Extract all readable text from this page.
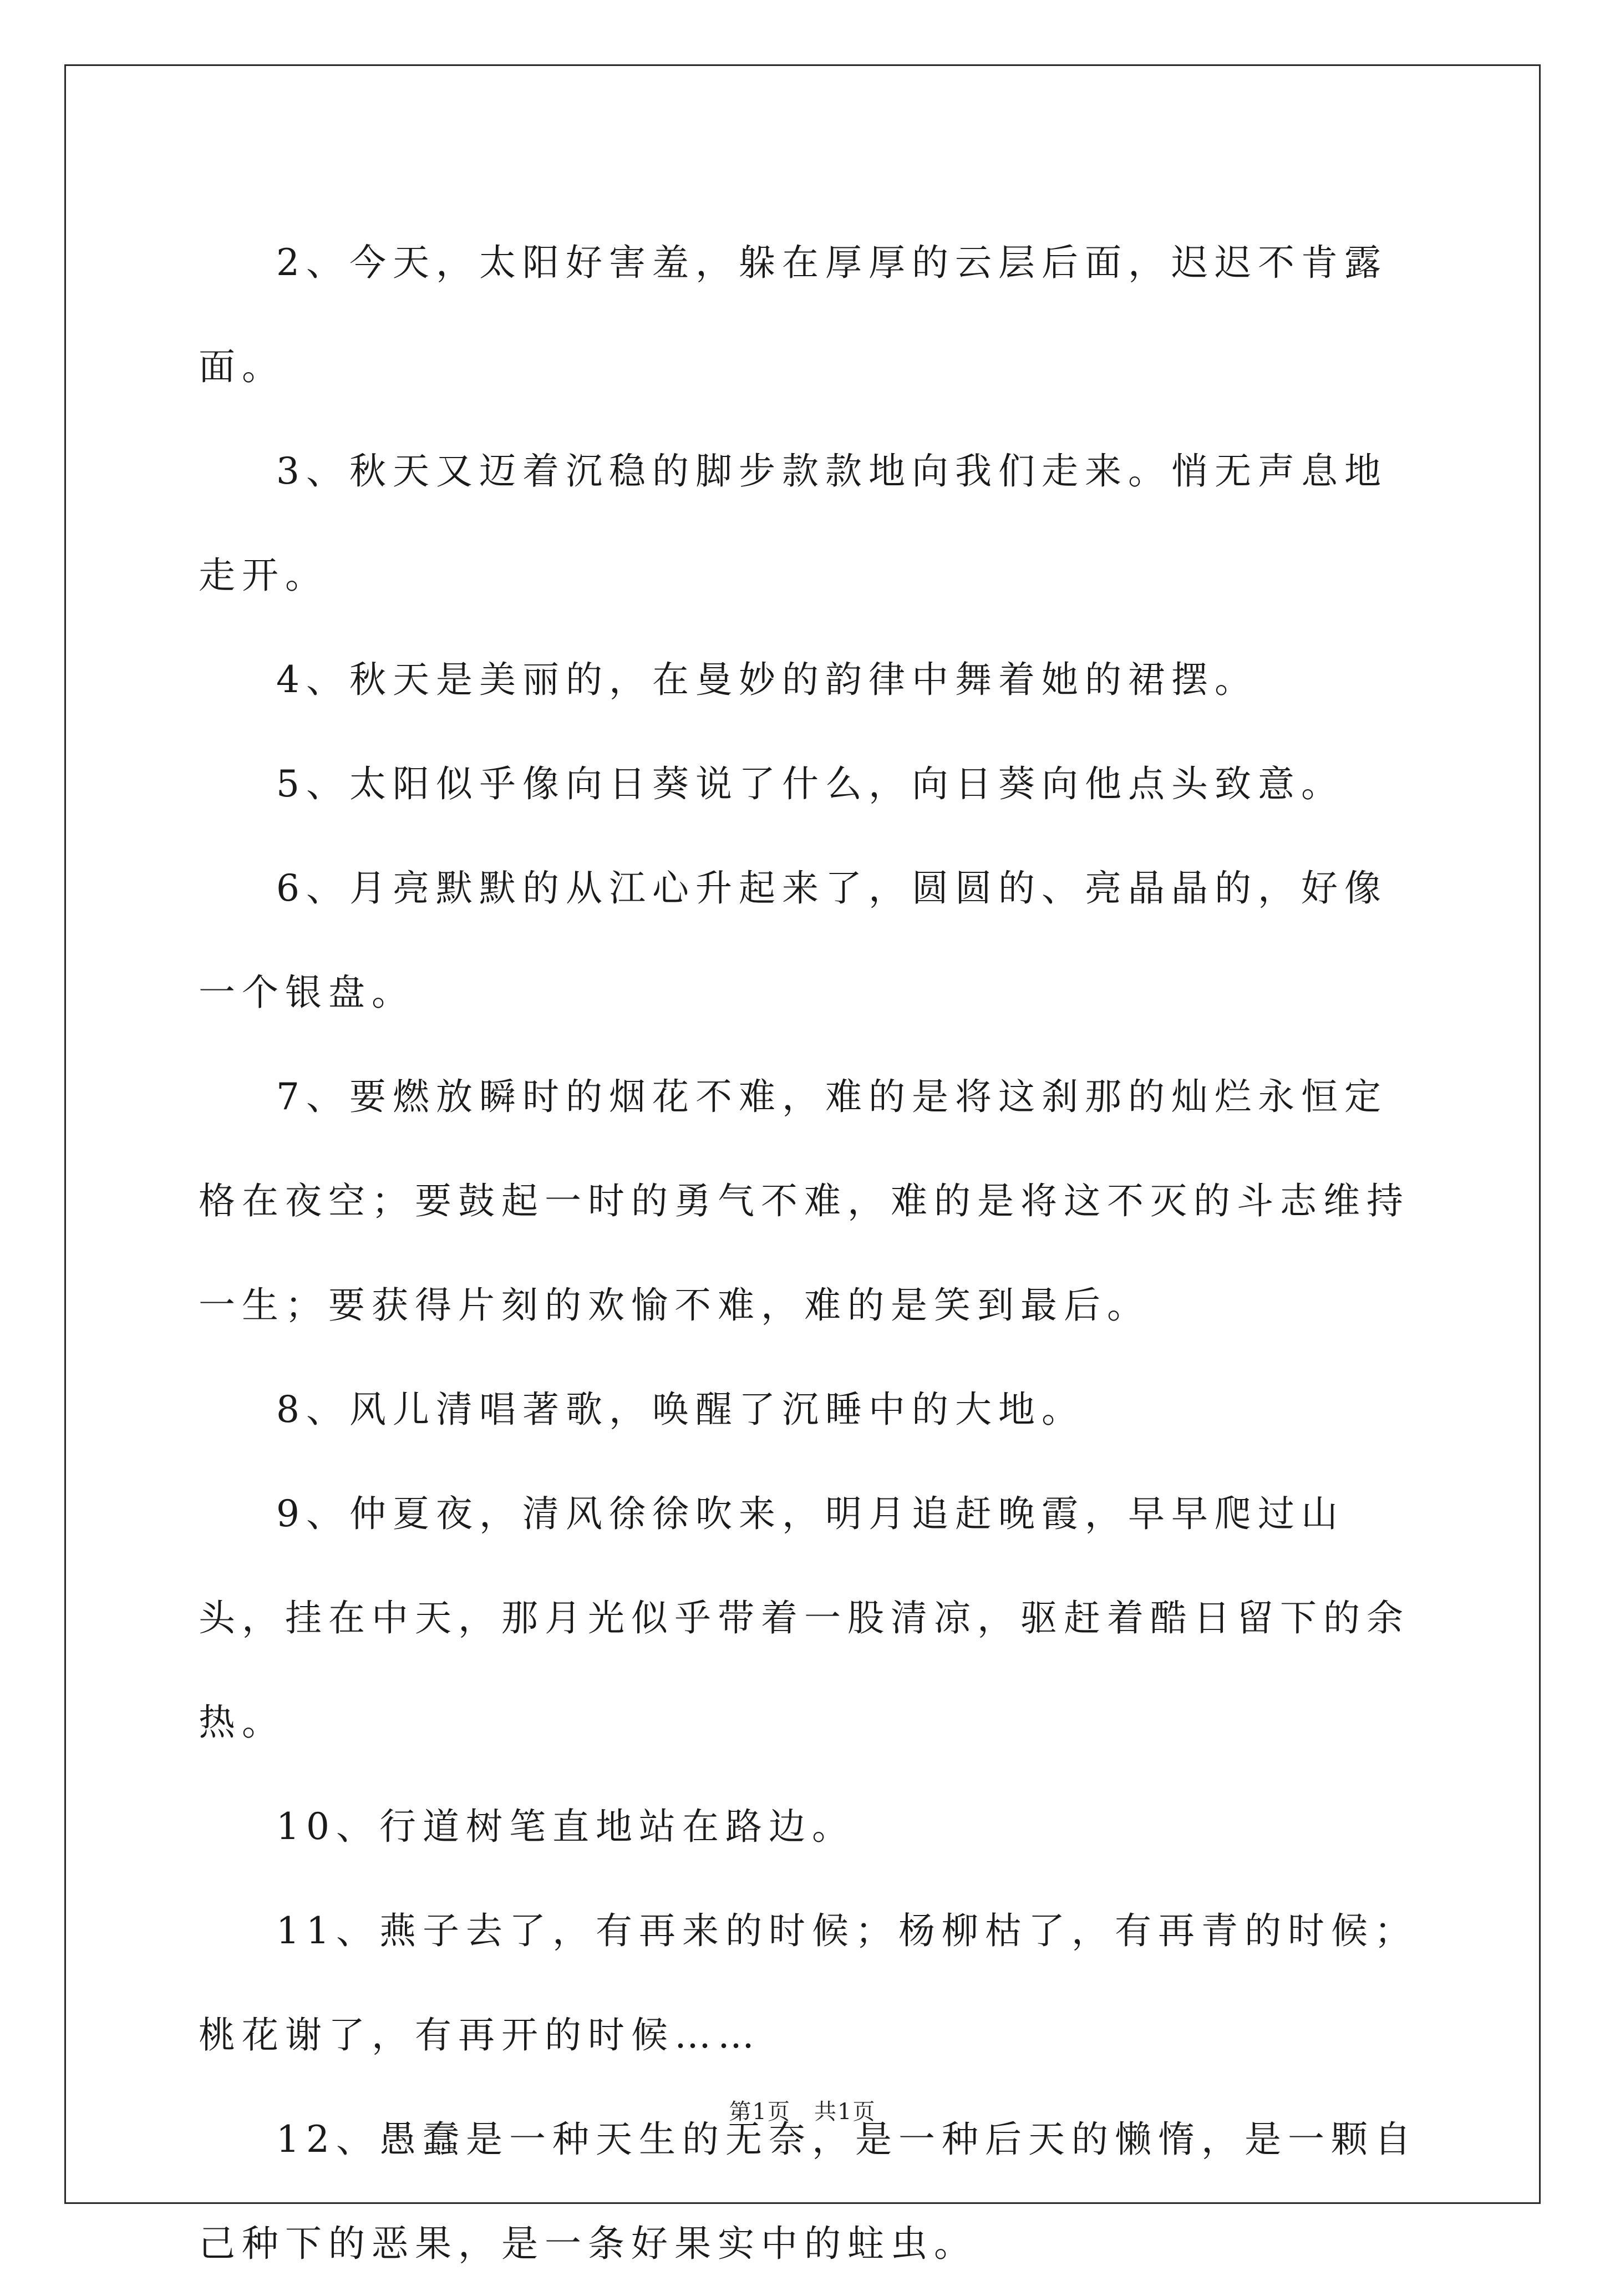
2、今天，太阳好害羞，躲在厚厚的云层后面，迟迟不肯露面。

3、秋天又迈着沉稳的脚步款款地向我们走来。悄无声息地走开。

4、秋天是美丽的，在曼妙的韵律中舞着她的裙摆。

5、太阳似乎像向日葵说了什么，向日葵向他点头致意。

6、月亮默默的从江心升起来了，圆圆的、亮晶晶的，好像一个银盘。

7、要燃放瞬时的烟花不难，难的是将这刹那的灿烂永恒定格在夜空；要鼓起一时的勇气不难，难的是将这不灭的斗志维持一生；要获得片刻的欢愉不难，难的是笑到最后。

8、风儿清唱著歌，唤醒了沉睡中的大地。

9、仲夏夜，清风徐徐吹来，明月追赶晚霞，早早爬过山头，挂在中天，那月光似乎带着一股清凉，驱赶着酷日留下的余热。

10、行道树笔直地站在路边。

11、燕子去了，有再来的时候；杨柳枯了，有再青的时候；桃花谢了，有再开的时候……

12、愚蠢是一种天生的无奈，是一种后天的懒惰，是一颗自己种下的恶果，是一条好果实中的蛀虫。

第1页　共1页
